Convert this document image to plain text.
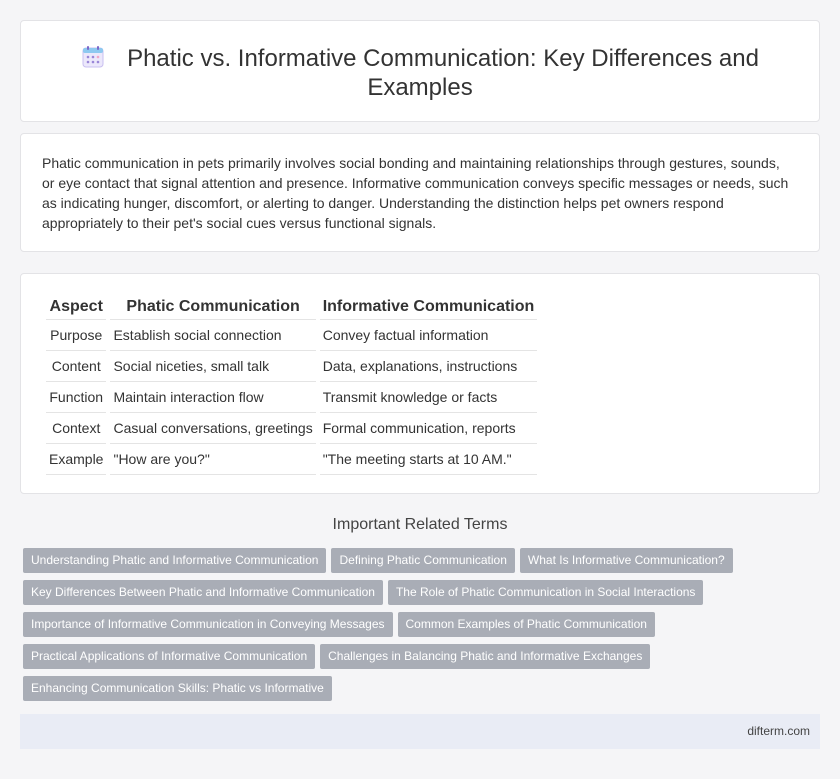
Phatic vs. Informative Communication: Key Differences and Examples

Phatic communication in pets primarily involves social bonding and maintaining relationships through gestures, sounds, or eye contact that signal attention and presence. Informative communication conveys specific messages or needs, such as indicating hunger, discomfort, or alerting to danger. Understanding the distinction helps pet owners respond appropriately to their pet's social cues versus functional signals.

Aspect	Phatic Communication	Informative Communication
Purpose	Establish social connection	Convey factual information
Content	Social niceties, small talk	Data, explanations, instructions
Function	Maintain interaction flow	Transmit knowledge or facts
Context	Casual conversations, greetings	Formal communication, reports
Example	"How are you?"	"The meeting starts at 10 AM."
Important Related Terms
Understanding Phatic and Informative Communication Defining Phatic Communication What Is Informative Communication?
Key Differences Between Phatic and Informative Communication The Role of Phatic Communication in Social Interactions
Importance of Informative Communication in Conveying Messages Common Examples of Phatic Communication
Practical Applications of Informative Communication Challenges in Balancing Phatic and Informative Exchanges
Enhancing Communication Skills: Phatic vs Informative
difterm.com
